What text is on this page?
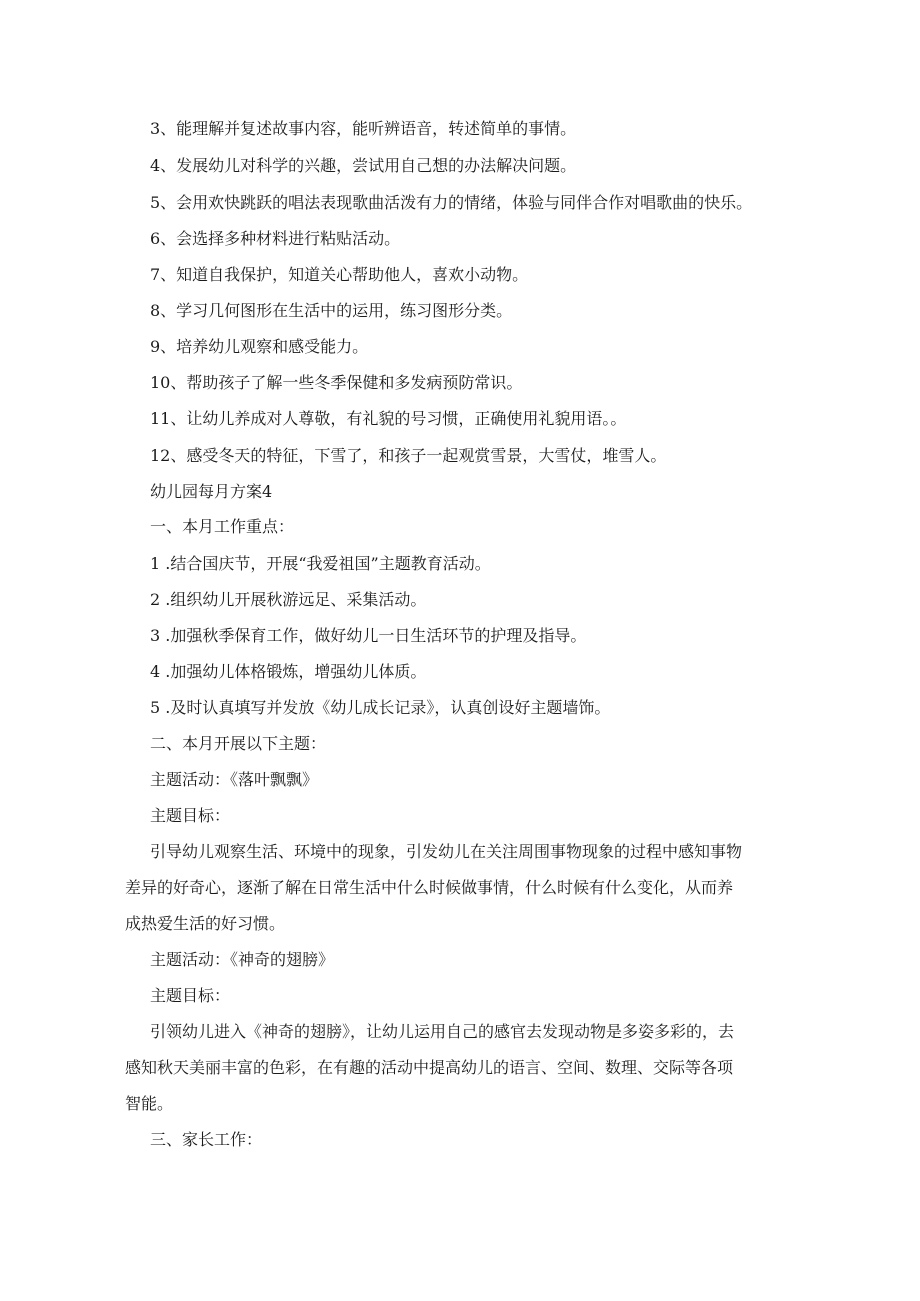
3、能理解并复述故事内容，能听辨语音，转述简单的事情。
4、发展幼儿对科学的兴趣，尝试用自己想的办法解决问题。
5、会用欢快跳跃的唱法表现歌曲活泼有力的情绪，体验与同伴合作对唱歌曲的快乐。
6、会选择多种材料进行粘贴活动。
7、知道自我保护，知道关心帮助他人，喜欢小动物。
8、学习几何图形在生活中的运用，练习图形分类。
9、培养幼儿观察和感受能力。
10、帮助孩子了解一些冬季保健和多发病预防常识。
11、让幼儿养成对人尊敬，有礼貌的号习惯，正确使用礼貌用语。。
12、感受冬天的特征，下雪了，和孩子一起观赏雪景，大雪仗，堆雪人。
幼儿园每月方案4
一、本月工作重点：
1 .结合国庆节，开展“我爱祖国”主题教育活动。
2 .组织幼儿开展秋游远足、采集活动。
3 .加强秋季保育工作，做好幼儿一日生活环节的护理及指导。
4 .加强幼儿体格锻炼，增强幼儿体质。
5 .及时认真填写并发放《幼儿成长记录》，认真创设好主题墙饰。
二、本月开展以下主题：
主题活动：《落叶飘飘》
主题目标：
引导幼儿观察生活、环境中的现象，引发幼儿在关注周围事物现象的过程中感知事物
差异的好奇心，逐渐了解在日常生活中什么时候做事情，什么时候有什么变化，从而养
成热爱生活的好习惯。
主题活动：《神奇的翅膀》
主题目标：
引领幼儿进入《神奇的翅膀》，让幼儿运用自己的感官去发现动物是多姿多彩的，去
感知秋天美丽丰富的色彩，在有趣的活动中提高幼儿的语言、空间、数理、交际等各项
智能。
三、家长工作：
